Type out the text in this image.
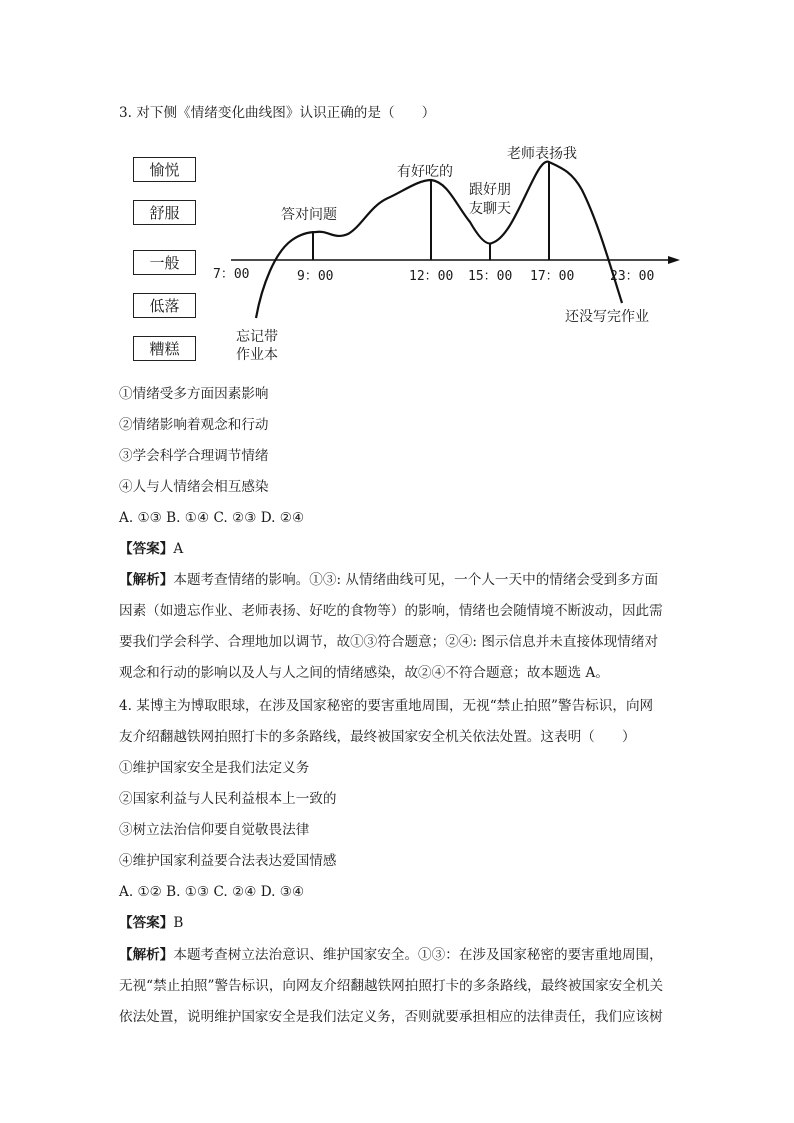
3. 对下侧《情绪变化曲线图》认识正确的是（　　）
愉悦
舒服
一般
低落
糟糕
7：00	9：00	12：00 15：00 17：00	23：00
答对问题
有好吃的
跟好朋
友聊天
老师表扬我
还没写完作业
忘记带
作业本
①情绪受多方面因素影响
②情绪影响着观念和行动
③学会科学合理调节情绪
④人与人情绪会相互感染
A. ①③ B. ①④ C. ②③ D. ②④
【答案】A
【解析】本题考查情绪的影响。①③: 从情绪曲线可见，一个人一天中的情绪会受到多方面
因素（如遗忘作业、老师表扬、好吃的食物等）的影响，情绪也会随情境不断波动，因此需
要我们学会科学、合理地加以调节，故①③符合题意；②④: 图示信息并未直接体现情绪对
观念和行动的影响以及人与人之间的情绪感染，故②④不符合题意；故本题选 A。
4. 某博主为博取眼球，在涉及国家秘密的要害重地周围，无视“禁止拍照”警告标识，向网
友介绍翻越铁网拍照打卡的多条路线，最终被国家安全机关依法处置。这表明（　　）
①维护国家安全是我们法定义务
②国家利益与人民利益根本上一致的
③树立法治信仰要自觉敬畏法律
④维护国家利益要合法表达爱国情感
A. ①② B. ①③ C. ②④ D. ③④
【答案】B
【解析】本题考查树立法治意识、维护国家安全。①③：在涉及国家秘密的要害重地周围，
无视“禁止拍照”警告标识，向网友介绍翻越铁网拍照打卡的多条路线，最终被国家安全机关
依法处置，说明维护国家安全是我们法定义务，否则就要承担相应的法律责任，我们应该树
